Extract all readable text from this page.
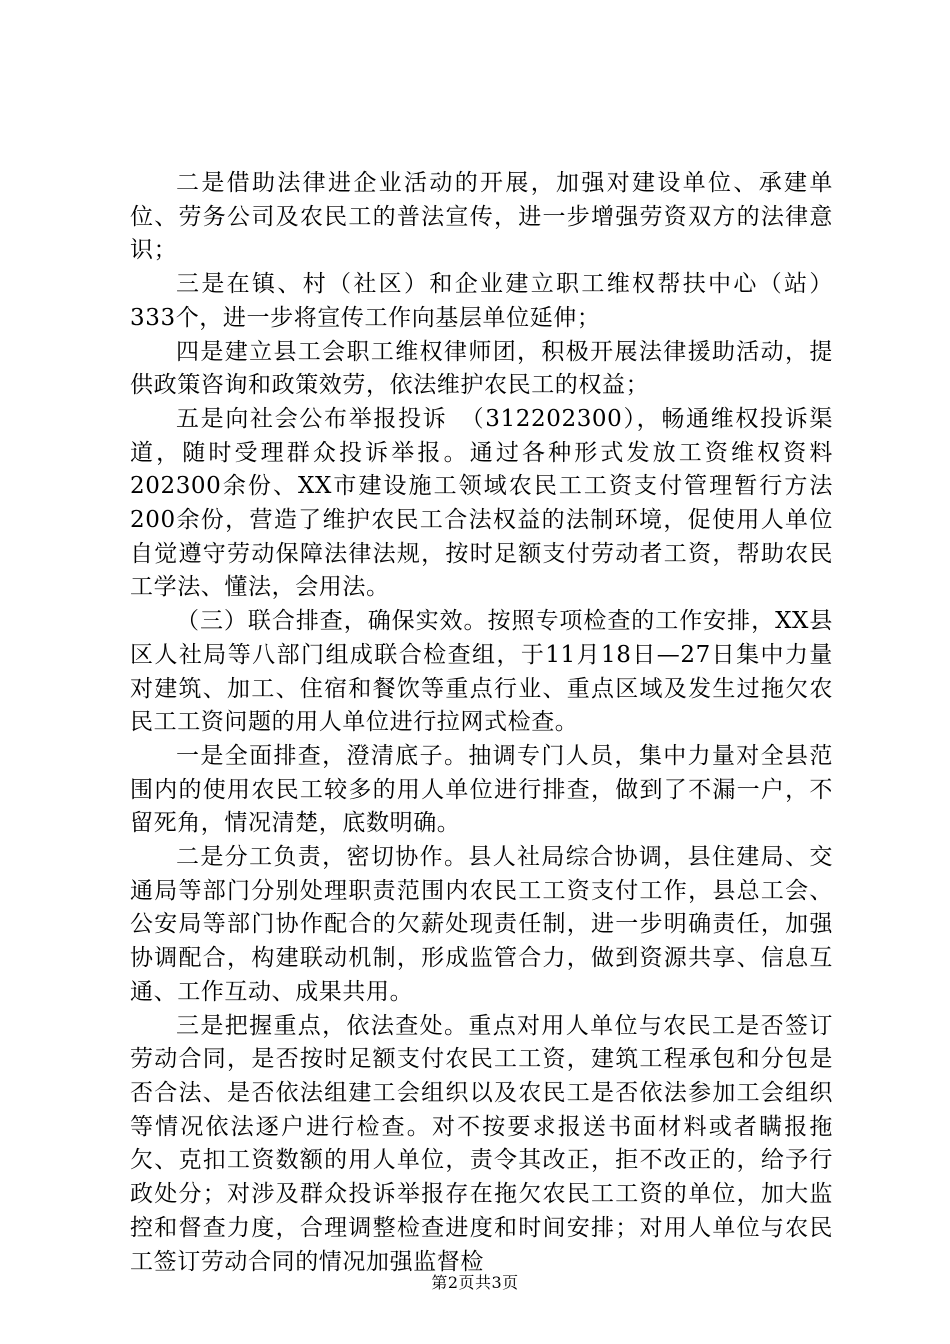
二是借助法律进企业活动的开展，加强对建设单位、承建单位、劳务公司及农民工的普法宣传，进一步增强劳资双方的法律意识；

三是在镇、村（社区）和企业建立职工维权帮扶中心（站）333个，进一步将宣传工作向基层单位延伸；

四是建立县工会职工维权律师团，积极开展法律援助活动，提供政策咨询和政策效劳，依法维护农民工的权益；

五是向社会公布举报投诉　（312202300），畅通维权投诉渠道，随时受理群众投诉举报。通过各种形式发放工资维权资料202300余份、XX市建设施工领域农民工工资支付管理暂行方法200余份，营造了维护农民工合法权益的法制环境，促使用人单位自觉遵守劳动保障法律法规，按时足额支付劳动者工资，帮助农民工学法、懂法，会用法。

（三）联合排查，确保实效。按照专项检查的工作安排，XX县区人社局等八部门组成联合检查组，于11月18日—27日集中力量对建筑、加工、住宿和餐饮等重点行业、重点区域及发生过拖欠农民工工资问题的用人单位进行拉网式检查。

一是全面排查，澄清底子。抽调专门人员，集中力量对全县范围内的使用农民工较多的用人单位进行排查，做到了不漏一户，不留死角，情况清楚，底数明确。

二是分工负责，密切协作。县人社局综合协调，县住建局、交通局等部门分别处理职责范围内农民工工资支付工作，县总工会、公安局等部门协作配合的欠薪处现责任制，进一步明确责任，加强协调配合，构建联动机制，形成监管合力，做到资源共享、信息互通、工作互动、成果共用。

三是把握重点，依法查处。重点对用人单位与农民工是否签订劳动合同，是否按时足额支付农民工工资，建筑工程承包和分包是否合法、是否依法组建工会组织以及农民工是否依法参加工会组织等情况依法逐户进行检查。对不按要求报送书面材料或者瞒报拖欠、克扣工资数额的用人单位，责令其改正，拒不改正的，给予行政处分；对涉及群众投诉举报存在拖欠农民工工资的单位，加大监控和督查力度，合理调整检查进度和时间安排；对用人单位与农民工签订劳动合同的情况加强监督检

第2页共3页
